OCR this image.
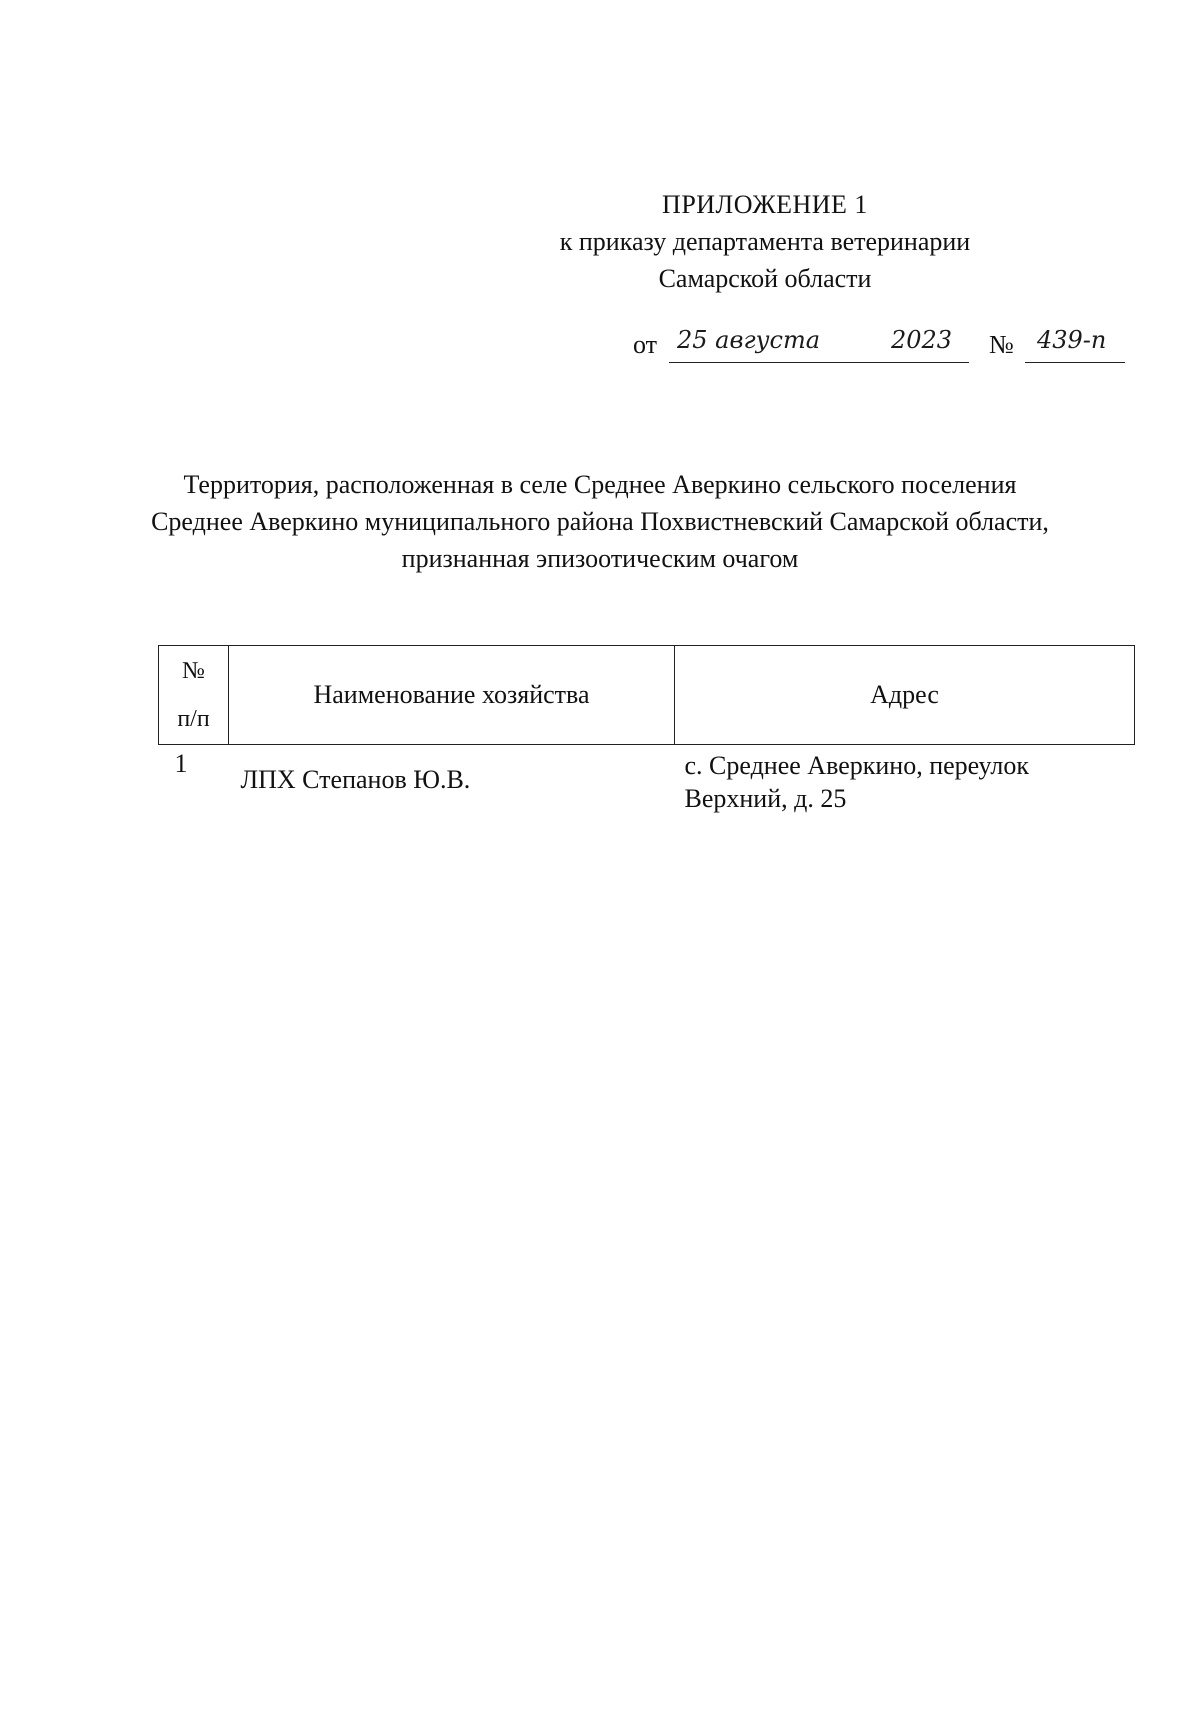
ПРИЛОЖЕНИЕ 1
к приказу департамента ветеринарии
Самарской области
от 25 августа	2023 № 439-п
Территория, расположенная в селе Среднее Аверкино сельского поселения Среднее Аверкино муниципального района Похвистневский Самарской области, признанная эпизоотическим очагом
№
п/п	Наименование хозяйства	Адрес
1	ЛПХ Степанов Ю.В.	с. Среднее Аверкино, переулок Верхний, д. 25
